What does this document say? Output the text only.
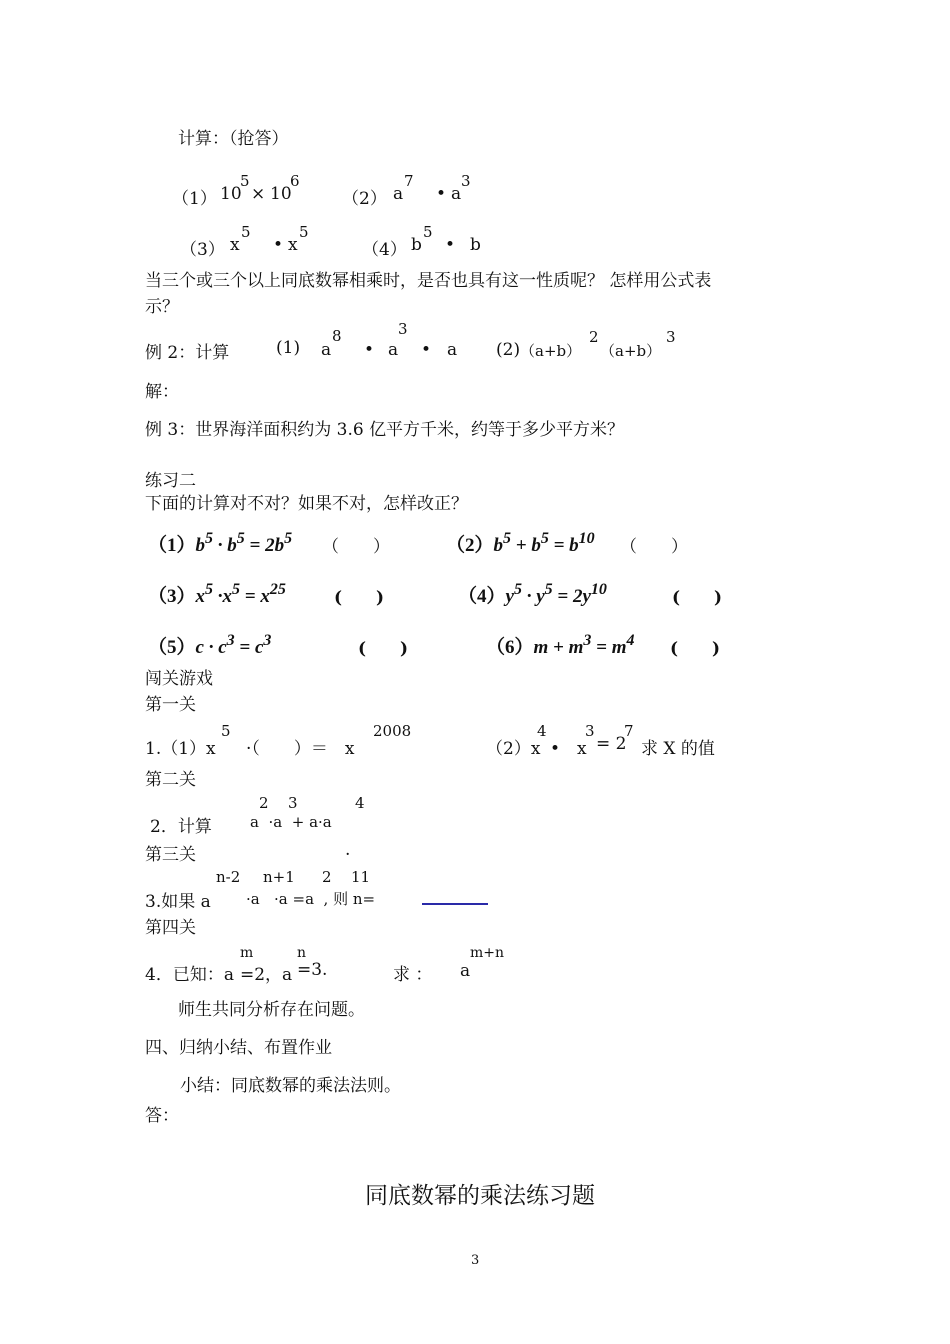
计算：（抢答）
（1） 10
5
× 10
6
（2） a
7
• a
3
（3） x
5
• x
5
（4） b
5
• b
当三个或三个以上同底数幂相乘时，是否也具有这一性质呢？ 怎样用公式表
示？
例 2：计算	(1) a
8
• a
3
• a (2) （a+b）
2
（a+b）
3
解：
例 3：世界海洋面积约为 3.6 亿平方千米，约等于多少平方米？
练习二
下面的计算对不对？如果不对，怎样改正？
$(1)b^5 \cdot b^5 = 2b^5$ （　　）	$(2)b^5 + b^5 = b^{10}$ （　　）
$(3)x^5 \cdot x^5 = x^{25}$	(　　)	$(4)y^5 \cdot y^5 = 2y^{10}$	(　　)
$(5)c \cdot c^3 = c^3$	(　　)	$(6)m + m^3 = m^4$ (　　)
闯关游戏
第一关
1.（1）x
5
·（　　）＝　x
2008
（2）x
4
•　x
3
= 2
7
求 X 的值
第二关
2．计算	a  ·a  + a·a
2 3	4
第三关	.
3.如果 a ·a   ·a =a  , 则 n=
n-2 n+1 2 11
第四关
4．已知：a
m
=2，a
n
=3.	求 ： a
m+n
师生共同分析存在问题。
四、归纳小结、布置作业
小结：同底数幂的乘法法则。
答：
同底数幂的乘法练习题
3
